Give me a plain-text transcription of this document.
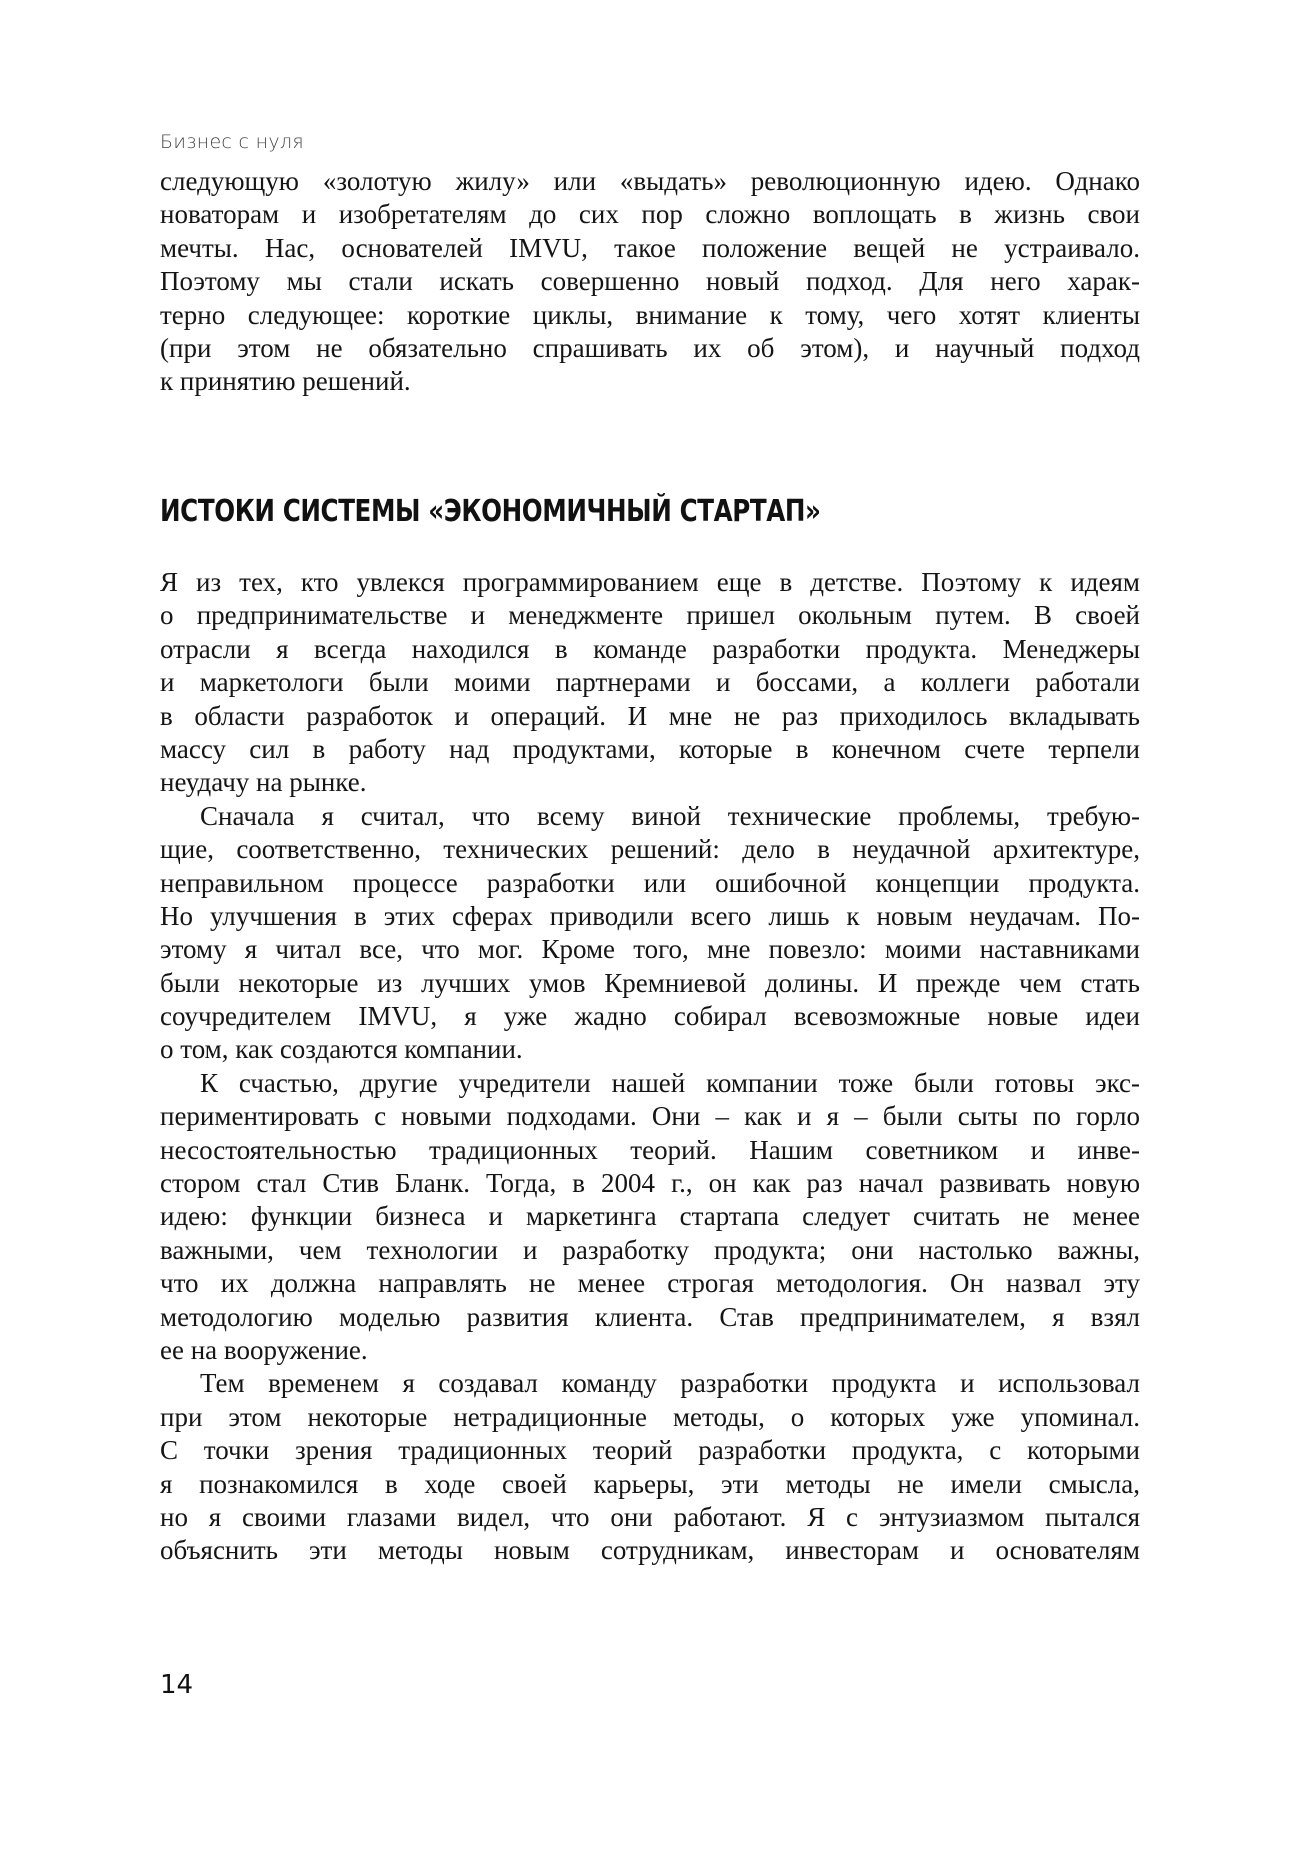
Бизнес с нуля
следующую «золотую жилу» или «выдать» революционную идею. Однако
новаторам и изобретателям до сих пор сложно воплощать в жизнь свои
мечты. Нас, основателей IMVU, такое положение вещей не устраивало.
Поэтому мы стали искать совершенно новый подход. Для него харак-
терно следующее: короткие циклы, внимание к тому, чего хотят клиенты
(при этом не обязательно спрашивать их об этом), и научный подход
к принятию решений.
ИСТОКИ СИСТЕМЫ «ЭКОНОМИЧНЫЙ СТАРТАП»
Я из тех, кто увлекся программированием еще в детстве. Поэтому к идеям
о предпринимательстве и менеджменте пришел окольным путем. В своей
отрасли я всегда находился в команде разработки продукта. Менеджеры
и маркетологи были моими партнерами и боссами, а коллеги работали
в области разработок и операций. И мне не раз приходилось вкладывать
массу сил в работу над продуктами, которые в конечном счете терпели
неудачу на рынке.
Сначала я считал, что всему виной технические проблемы, требую-
щие, соответственно, технических решений: дело в неудачной архитектуре,
неправильном процессе разработки или ошибочной концепции продукта.
Но улучшения в этих сферах приводили всего лишь к новым неудачам. По-
этому я читал все, что мог. Кроме того, мне повезло: моими наставниками
были некоторые из лучших умов Кремниевой долины. И прежде чем стать
соучредителем IMVU, я уже жадно собирал всевозможные новые идеи
о том, как создаются компании.
К счастью, другие учредители нашей компании тоже были готовы экс-
периментировать с новыми подходами. Они – как и я – были сыты по горло
несостоятельностью традиционных теорий. Нашим советником и инве-
стором стал Стив Бланк. Тогда, в 2004 г., он как раз начал развивать новую
идею: функции бизнеса и маркетинга стартапа следует считать не менее
важными, чем технологии и разработку продукта; они настолько важны,
что их должна направлять не менее строгая методология. Он назвал эту
методологию моделью развития клиента. Став предпринимателем, я взял
ее на вооружение.
Тем временем я создавал команду разработки продукта и использовал
при этом некоторые нетрадиционные методы, о которых уже упоминал.
С точки зрения традиционных теорий разработки продукта, с которыми
я познакомился в ходе своей карьеры, эти методы не имели смысла,
но я своими глазами видел, что они работают. Я с энтузиазмом пытался
объяснить эти методы новым сотрудникам, инвесторам и основателям
14
